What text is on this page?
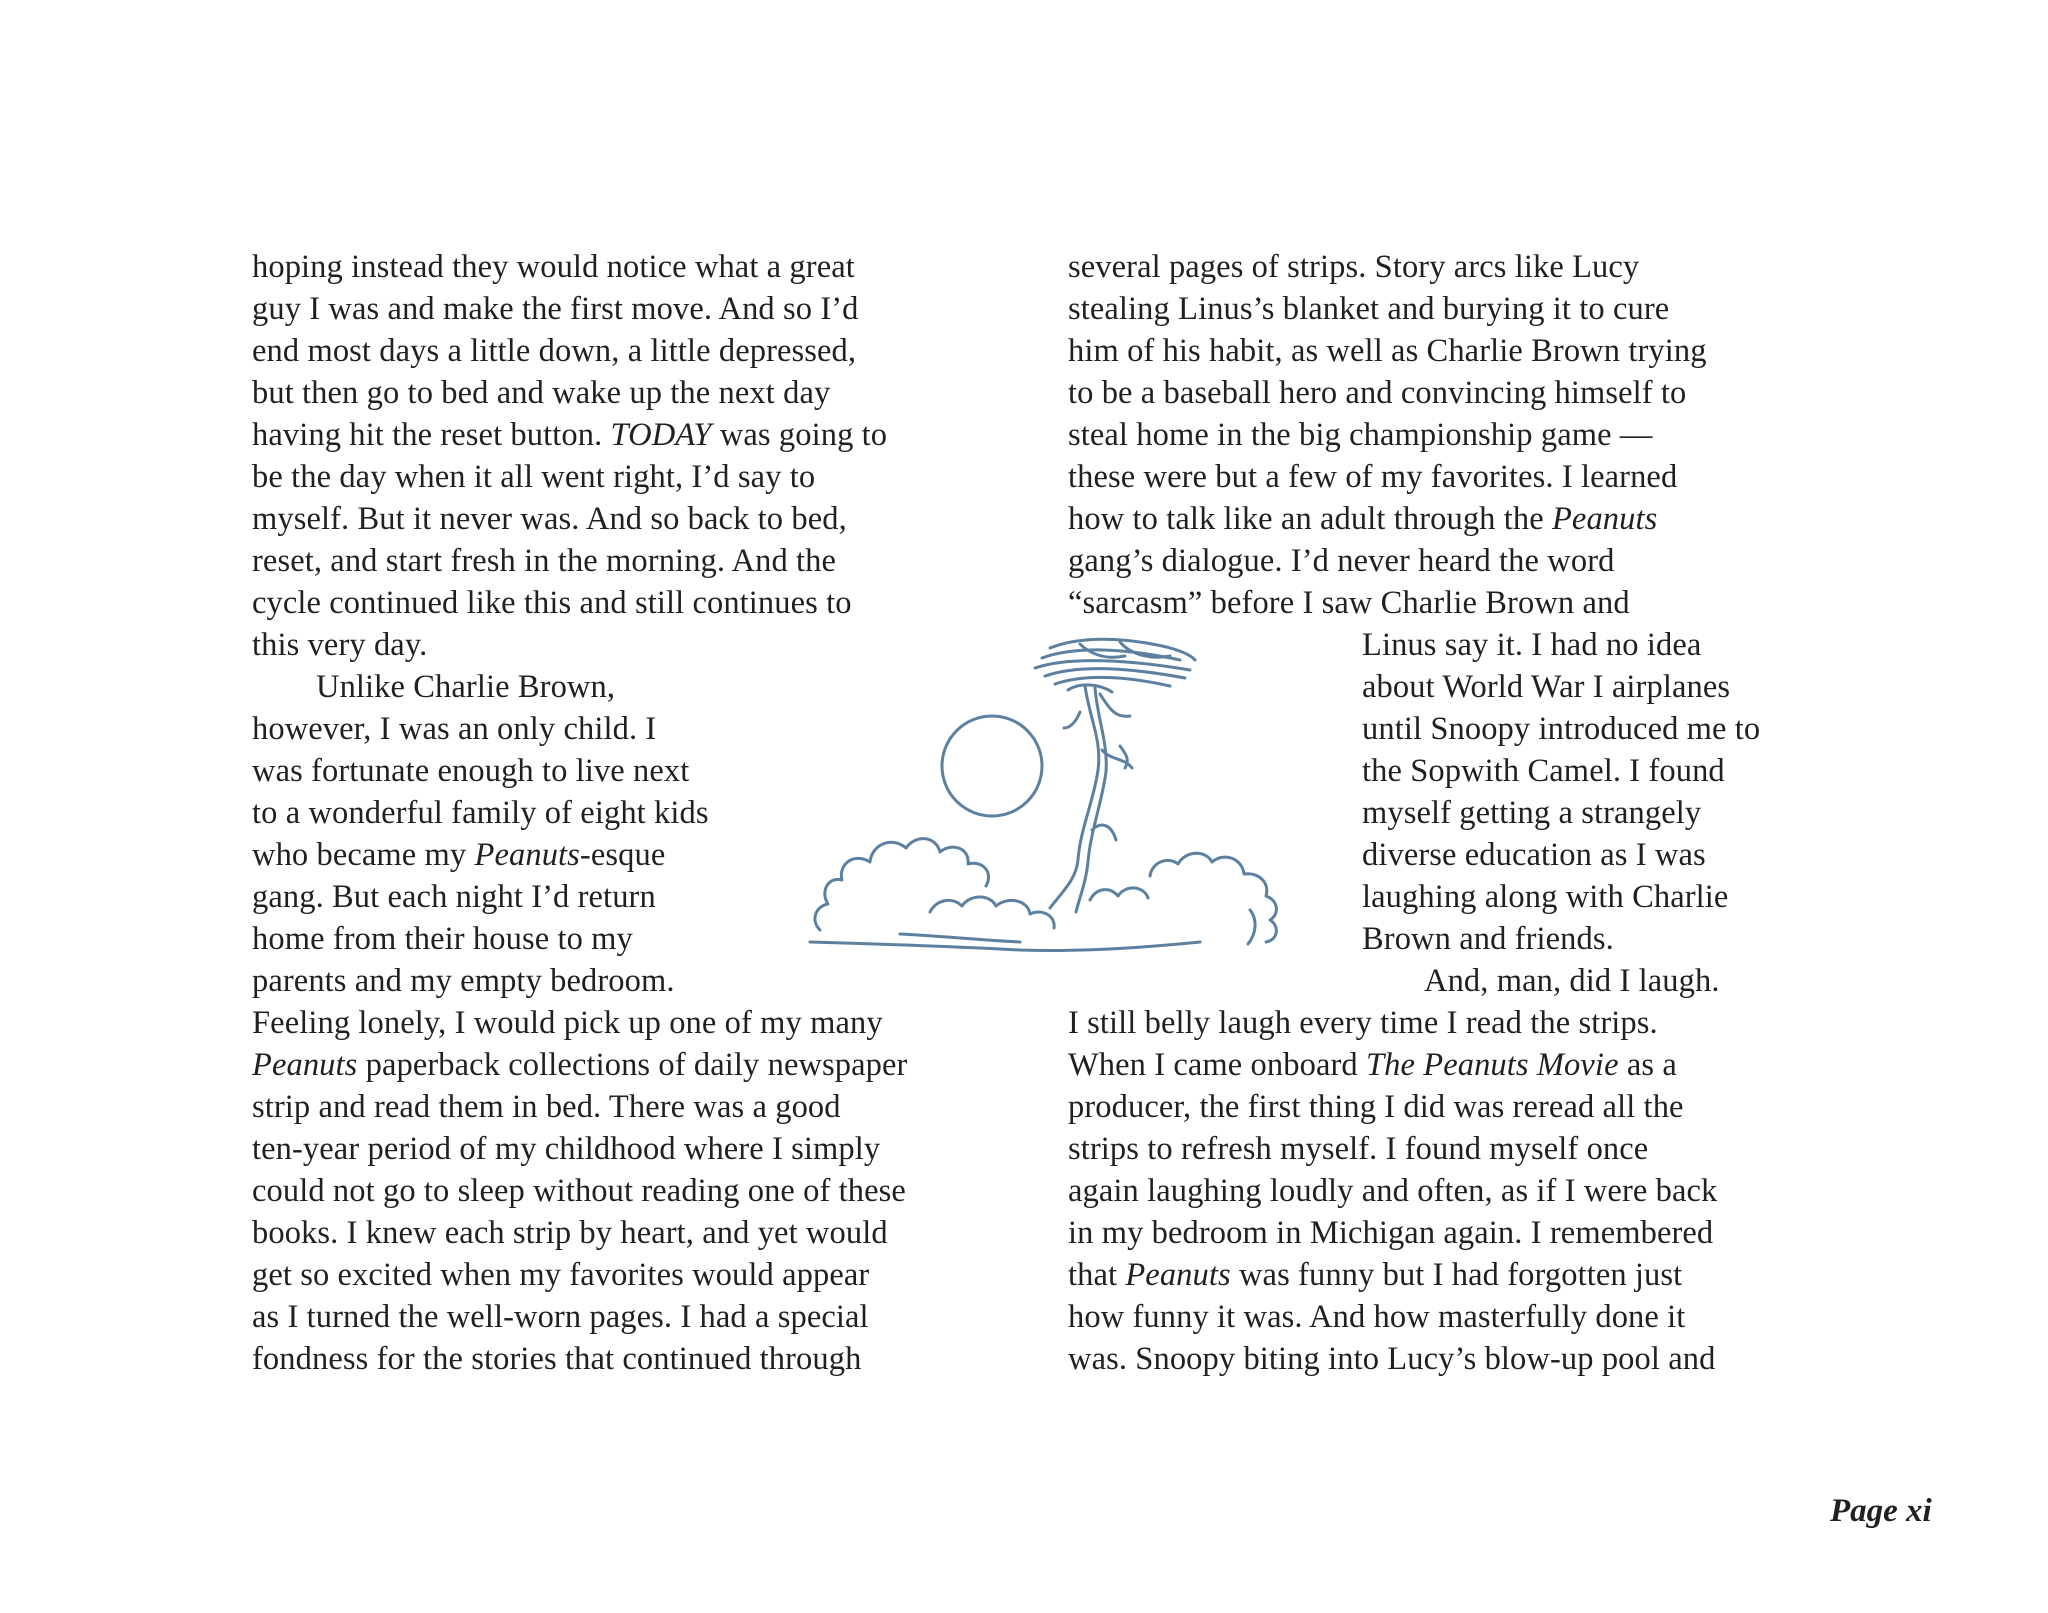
hoping instead they would notice what a great
guy I was and make the first move. And so I’d
end most days a little down, a little depressed,
but then go to bed and wake up the next day
having hit the reset button. TODAY was going to
be the day when it all went right, I’d say to
myself. But it never was. And so back to bed,
reset, and start fresh in the morning. And the
cycle continued like this and still continues to
this very day.
Unlike Charlie Brown,
however, I was an only child. I
was fortunate enough to live next
to a wonderful family of eight kids
who became my Peanuts-esque
gang. But each night I’d return
home from their house to my
parents and my empty bedroom.
Feeling lonely, I would pick up one of my many
Peanuts paperback collections of daily newspaper
strip and read them in bed. There was a good
ten-year period of my childhood where I simply
could not go to sleep without reading one of these
books. I knew each strip by heart, and yet would
get so excited when my favorites would appear
as I turned the well-worn pages. I had a special
fondness for the stories that continued through
several pages of strips. Story arcs like Lucy
stealing Linus’s blanket and burying it to cure
him of his habit, as well as Charlie Brown trying
to be a baseball hero and convincing himself to
steal home in the big championship game —
these were but a few of my favorites. I learned
how to talk like an adult through the Peanuts
gang’s dialogue. I’d never heard the word
“sarcasm” before I saw Charlie Brown and
Linus say it. I had no idea
about World War I airplanes
until Snoopy introduced me to
the Sopwith Camel. I found
myself getting a strangely
diverse education as I was
laughing along with Charlie
Brown and friends.
And, man, did I laugh.
I still belly laugh every time I read the strips.
When I came onboard The Peanuts Movie as a
producer, the first thing I did was reread all the
strips to refresh myself. I found myself once
again laughing loudly and often, as if I were back
in my bedroom in Michigan again. I remembered
that Peanuts was funny but I had forgotten just
how funny it was. And how masterfully done it
was. Snoopy biting into Lucy’s blow-up pool and
Page xi
